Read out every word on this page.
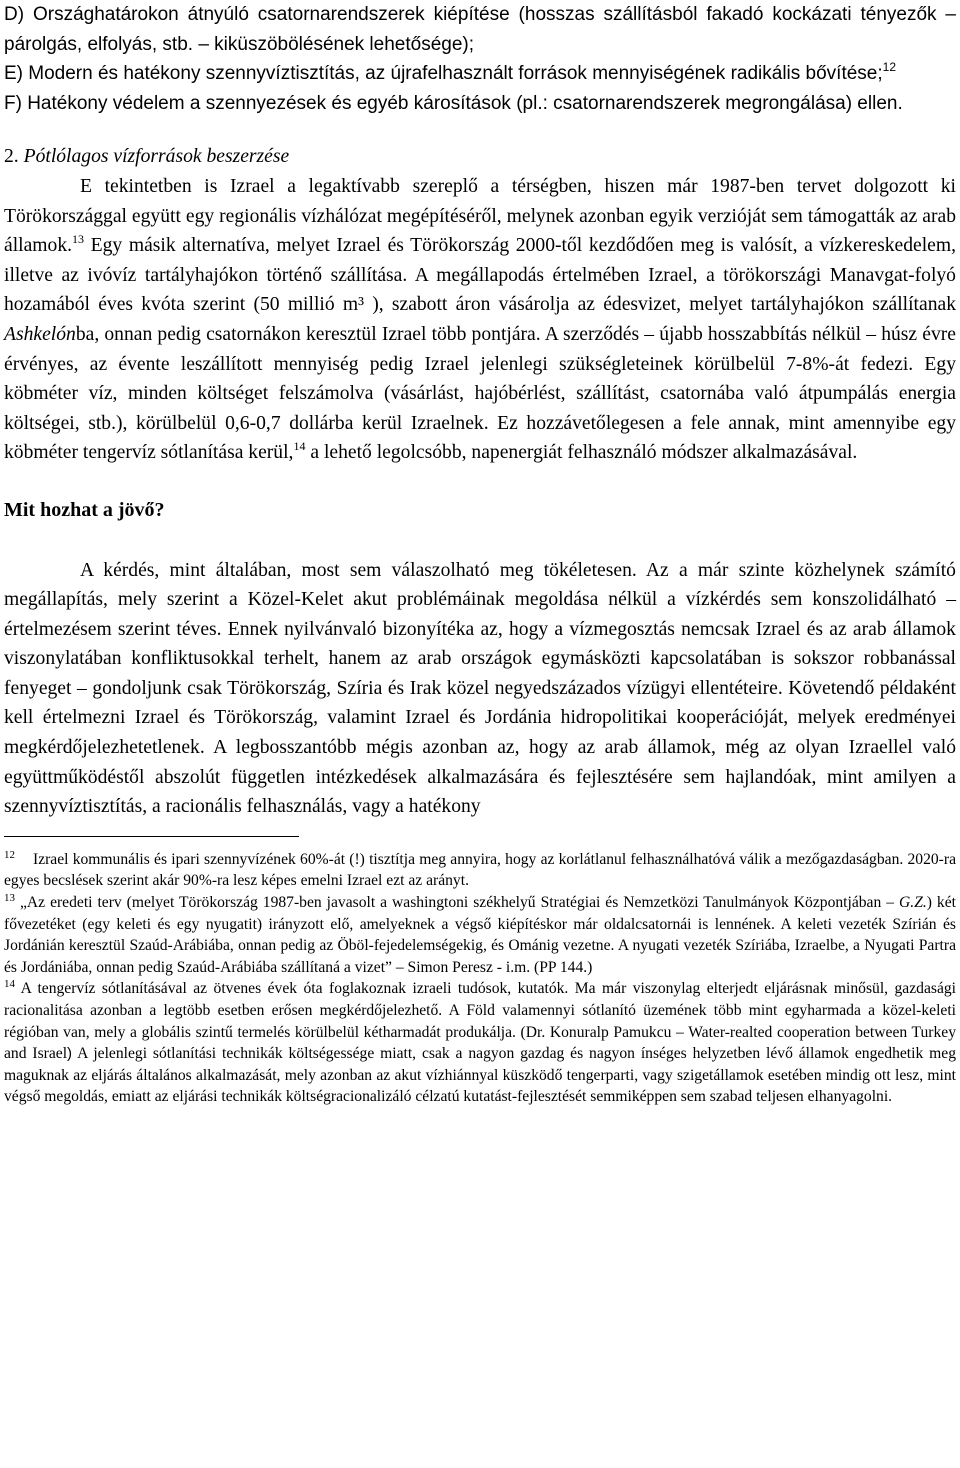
D) Országhatárokon átnyúló csatornarendszerek kiépítése (hosszas szállításból fakadó kockázati tényezők – párolgás, elfolyás, stb. – kiküszöbölésének lehetősége);

E) Modern és hatékony szennyvíztisztítás, az újrafelhasznált források mennyiségének radikális bővítése;$^{12}$

F) Hatékony védelem a szennyezések és egyéb károsítások (pl.: csatornarendszerek megrongálása) ellen.

2. Pótlólagos vízforrások beszerzése

E tekintetben is Izrael a legaktívabb szereplő a térségben, hiszen már 1987-ben tervet dolgozott ki Törökországgal együtt egy regionális vízhálózat megépítéséről, melynek azonban egyik verzióját sem támogatták az arab államok.$^{13}$ Egy másik alternatíva, melyet Izrael és Törökország 2000-től kezdődően meg is valósít, a vízkereskedelem, illetve az ivóvíz tartályhajókon történő szállítása. A megállapodás értelmében Izrael, a törökországi Manavgat-folyó hozamából éves kvóta szerint (50 millió m³ ), szabott áron vásárolja az édesvizet, melyet tartályhajókon szállítanak Ashkelónba, onnan pedig csatornákon keresztül Izrael több pontjára. A szerződés – újabb hosszabbítás nélkül – húsz évre érvényes, az évente leszállított mennyiség pedig Izrael jelenlegi szükségleteinek körülbelül 7-8%-át fedezi. Egy köbméter víz, minden költséget felszámolva (vásárlást, hajóbérlést, szállítást, csatornába való átpumpálás energia költségei, stb.), körülbelül 0,6-0,7 dollárba kerül Izraelnek. Ez hozzávetőlegesen a fele annak, mint amennyibe egy köbméter tengervíz sótlanítása kerül,$^{14}$ a lehető legolcsóbb, napenergiát felhasználó módszer alkalmazásával.

Mit hozhat a jövő?

A kérdés, mint általában, most sem válaszolható meg tökéletesen. Az a már szinte közhelynek számító megállapítás, mely szerint a Közel-Kelet akut problémáinak megoldása nélkül a vízkérdés sem konszolidálható – értelmezésem szerint téves. Ennek nyilvánvaló bizonyítéka az, hogy a vízmegosztás nemcsak Izrael és az arab államok viszonylatában konfliktusokkal terhelt, hanem az arab országok egymásközti kapcsolatában is sokszor robbanással fenyeget – gondoljunk csak Törökország, Szíria és Irak közel negyedszázados vízügyi ellentéteire. Követendő példaként kell értelmezni Izrael és Törökország, valamint Izrael és Jordánia hidropolitikai kooperációját, melyek eredményei megkérdőjelezhetetlenek. A legbosszantóbb mégis azonban az, hogy az arab államok, még az olyan Izraellel való együttműködéstől abszolút független intézkedések alkalmazására és fejlesztésére sem hajlandóak, mint amilyen a szennyvíztisztítás, a racionális felhasználás, vagy a hatékony

$^{12}$ Izrael kommunális és ipari szennyvízének 60%-át (!) tisztítja meg annyira, hogy az korlátlanul felhasználhatóvá válik a mezőgazdaságban. 2020-ra egyes becslések szerint akár 90%-ra lesz képes emelni Izrael ezt az arányt.

$^{13}$ „Az eredeti terv (melyet Törökország 1987-ben javasolt a washingtoni székhelyű Stratégiai és Nemzetközi Tanulmányok Központjában – G.Z.) két fővezetéket (egy keleti és egy nyugatit) irányzott elő, amelyeknek a végső kiépítéskor már oldalcsatornái is lennének. A keleti vezeték Szírián és Jordánián keresztül Szaúd-Arábiába, onnan pedig az Öböl-fejedelemségekig, és Ománig vezetne. A nyugati vezeték Szíriába, Izraelbe, a Nyugati Partra és Jordániába, onnan pedig Szaúd-Arábiába szállítaná a vizet” – Simon Peresz - i.m. (PP 144.)

$^{14}$ A tengervíz sótlanításával az ötvenes évek óta foglakoznak izraeli tudósok, kutatók. Ma már viszonylag elterjedt eljárásnak minősül, gazdasági racionalitása azonban a legtöbb esetben erősen megkérdőjelezhető. A Föld valamennyi sótlanító üzemének több mint egyharmada a közel-keleti régióban van, mely a globális szintű termelés körülbelül kétharmadát produkálja. (Dr. Konuralp Pamukcu – Water-realted cooperation between Turkey and Israel) A jelenlegi sótlanítási technikák költségessége miatt, csak a nagyon gazdag és nagyon ínséges helyzetben lévő államok engedhetik meg maguknak az eljárás általános alkalmazását, mely azonban az akut vízhiánnyal küszködő tengerparti, vagy szigetállamok esetében mindig ott lesz, mint végső megoldás, emiatt az eljárási technikák költségracionalizáló célzatú kutatást-fejlesztését semmiképpen sem szabad teljesen elhanyagolni.
